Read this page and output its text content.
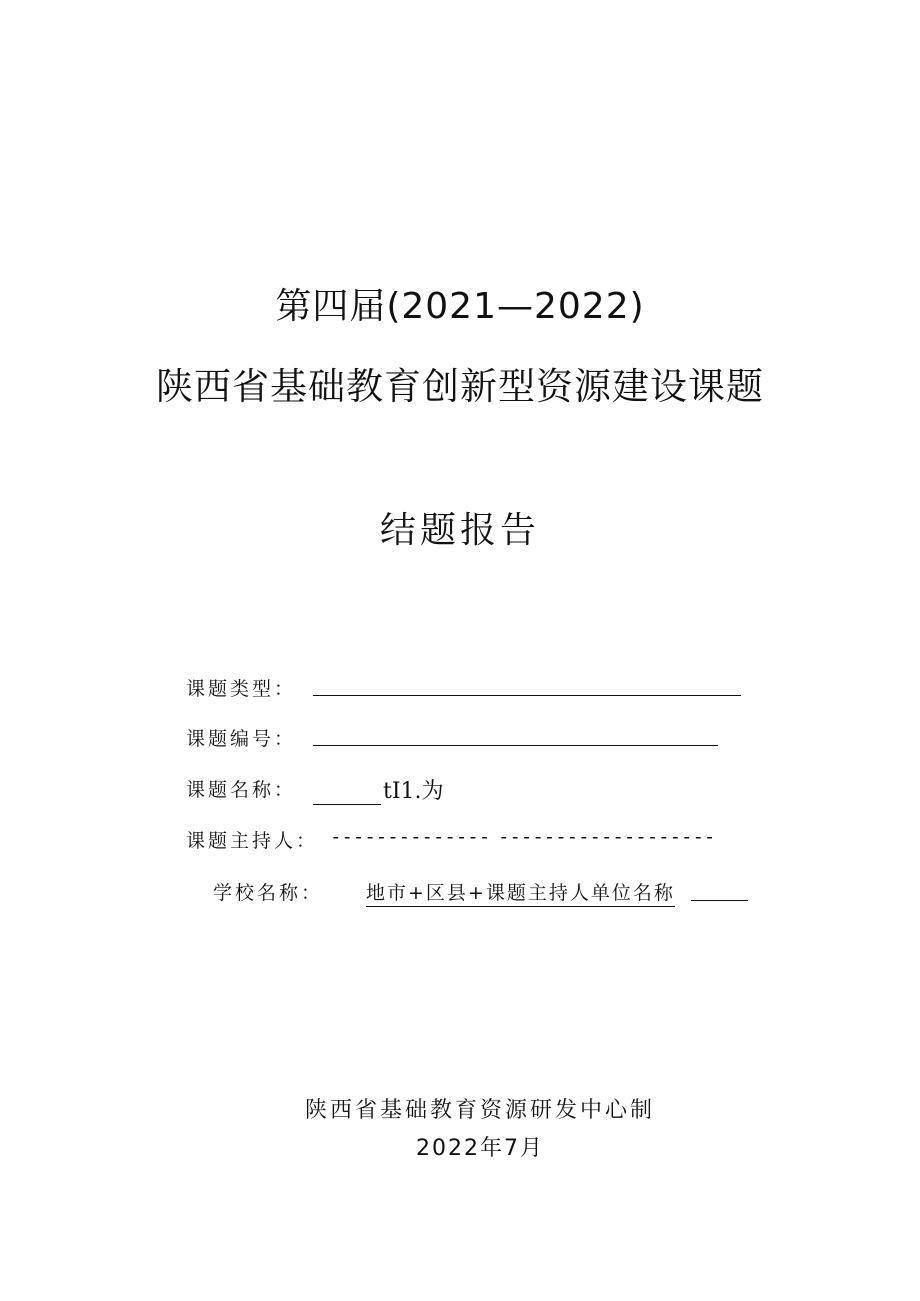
第四届(2021—2022)
陕西省基础教育创新型资源建设课题
结题报告
课题类型：
课题编号：
课题名称：	tI1.为
课题主持人： -------------- -------------------
学校名称： 地市+区县+课题主持人单位名称
陕西省基础教育资源研发中心制
2022年7月
